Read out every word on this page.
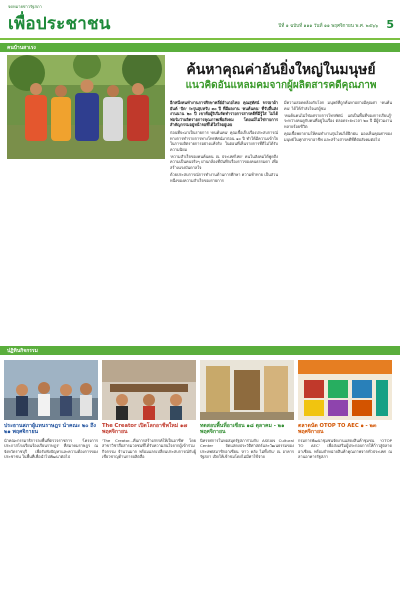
จดหมายข่าวรัฐสภา
เพื่อประชาชน	ปีที่ ๑ ฉบับที่ ๑๑๑ วันที่ ๑๑ พฤศจิกายน พ.ศ. ๒๕๖๖ 5
คนบ้านสาเรง
ค้นหาคุณค่าอันยิ่งใหญ่ในมนุษย์
แนวคิดอันแหลมคมจากผู้ผลิตสารคดีคุณภาพ
อีกหนึ่งคนทำงานการศึกษาคลี่ย์อำเภอไทย คุณสุทัศน์ จรรยาผ้ายันต์ 'ปัด' ระรุนสุบหรับ ๓๐ ปี ที่มีผลงาน 'คนค้นคน' ที่รับสิ้นส่งงานนาน ๒๐ ปี เขาคือผู้ริเริ่มจัดทำรายการสารคดีที่มีรู้ใส่ ไม่ได้ฟอร์มว่าผลิตรายการคุณภาพเพื่อสังคม โดยแม้ไม่ใช่รายการสำคัญกรรมอยู่หน้าจอที่ได้ใสใจอยู่เลย

ก่อนที่จะมาเป็นรายการ 'คนค้นคน' คุณเชื้อเก็บเรื่องประสบการณ์ทางการทำรายการทางโทรทัศน์มาก่อน ๑๐ ปี ทำให้มีความเข้าใจในการผลิตรายการอย่างแท้จริง ในตอนที่เห็นรายการที่ดีไม่ได้รับความนิยม

'ความสำเร็จของคนค้นคน ณ ประเทศไทย' คนในสังคมได้พูดถึงความเป็นคนจริงๆ ผ่านกล้องที่บันทึกเรื่องราวของคนธรรมดา เพื่อสร้างแรงบันดาลใจ

ด้วยประสบการณ์การทำงานด้านการศึกษา ความท้าทาย เป็นส่วนหนึ่งของความสำเร็จของรายการ

มีความสอดคล้องกับโลก มนุษย์ที่ถูกค้นหาอย่างมีคุณค่า 'คนค้นคน' ได้ให้กำลังใจแก่ผู้ชม

'คนค้นคนไม่ใช่แค่รายการโทรทัศน์ แต่เป็นพื้นที่ของการเรียนรู้' ระหว่างคนดูกับคนที่อยู่ในเรื่อง ตลอดระยะเวลา ๒๐ ปี มีผู้ร่วมงานหลายร้อยชีวิต

คุณเชื้อพยายามให้คนทำงานรุ่นใหม่ได้ฝึกฝน มองเห็นคุณค่าของมนุษย์ในทุกสาขาอาชีพ และสร้างสารคดีที่ดีต่อสังคมต่อไป

ปฏิทินกิจกรรม
ประธานสภาผู้แทนราษฎร นำคณะ ๒๐ ถึง ๒๑ พฤศจิกายน
นำคณะกรรมาธิการลงพื้นที่ตรวจราชการ 'โครงการประภาสโรงเรียนร้องเรียนราษฎร' ที่สมาคมราษฎร ณ จังหวัดราชบุรี เพื่อรับฟังปัญหาและความต้องการของประชาชน ในพื้นที่เพื่อนำไปพัฒนาต่อไป
The Creator เปิดโลกอาชีพใหม่ ๑๗ พฤศจิกายน
'The Creator...คืนการสร้างสรรค์ให้เป็นอาชีพ' โดยสาขาวิชาสื่อสารมวลชนที่ได้รับความสนใจจากผู้เข้าร่วมกิจกรรม จำนวนมาก พร้อมแลกเปลี่ยนประสบการณ์กับผู้เชี่ยวชาญด้านการผลิตสื่อ
ทดสอบพื้นที่อาเซียน ๑๘ ตุลาคม - ๒๑ พฤศจิกายน
นิทรรศการในหอสมุดรัฐสภาร่วมกับ ASEAN Cultural Center จัดแสดงประวัติศาสตร์และวัฒนธรรมของประเทศสมาชิกอาเซียน 'ลาว คลัง ไม่ทิ้งกัน' ณ อาคารรัฐสภา เปิดให้เข้าชมโดยไม่มีค่าใช้จ่าย
ตลาดนัด OTOP TO AEC ๑ - ๒๓ พฤศจิกายน
กรมการพัฒนาชุมชนจัดงานแสดงสินค้าชุมชน 'OTOP TO AEC' เพื่อส่งเสริมผู้ประกอบการให้ก้าวสู่ตลาดอาเซียน พร้อมจำหน่ายสินค้าคุณภาพจากทั่วประเทศ ณ ลานอาคารรัฐสภา
